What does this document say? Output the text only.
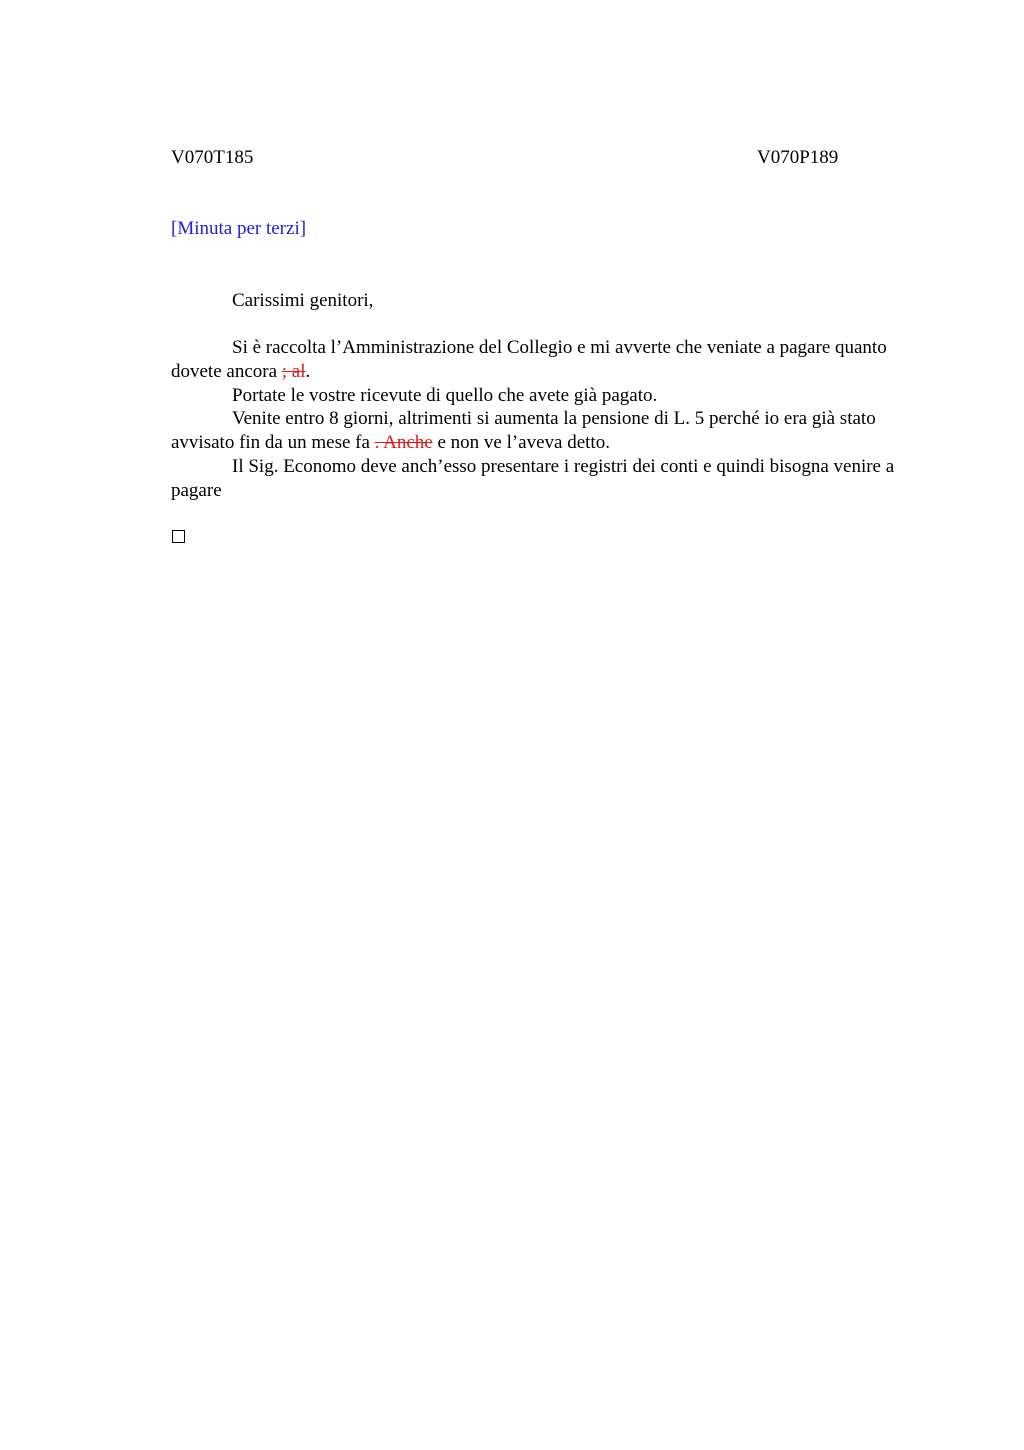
V070T185	V070P189
[Minuta per terzi]
Carissimi genitori,

Si è raccolta l’Amministrazione del Collegio e mi avverte che veniate a pagare quanto dovete ancora ; al.

Portate le vostre ricevute di quello che avete già pagato.

Venite entro 8 giorni, altrimenti si aumenta la pensione di L. 5 perché io era già stato avvisato fin da un mese fa . Anche e non ve l’aveva detto.

Il Sig. Economo deve anch’esso presentare i registri dei conti e quindi bisogna venire a pagare
